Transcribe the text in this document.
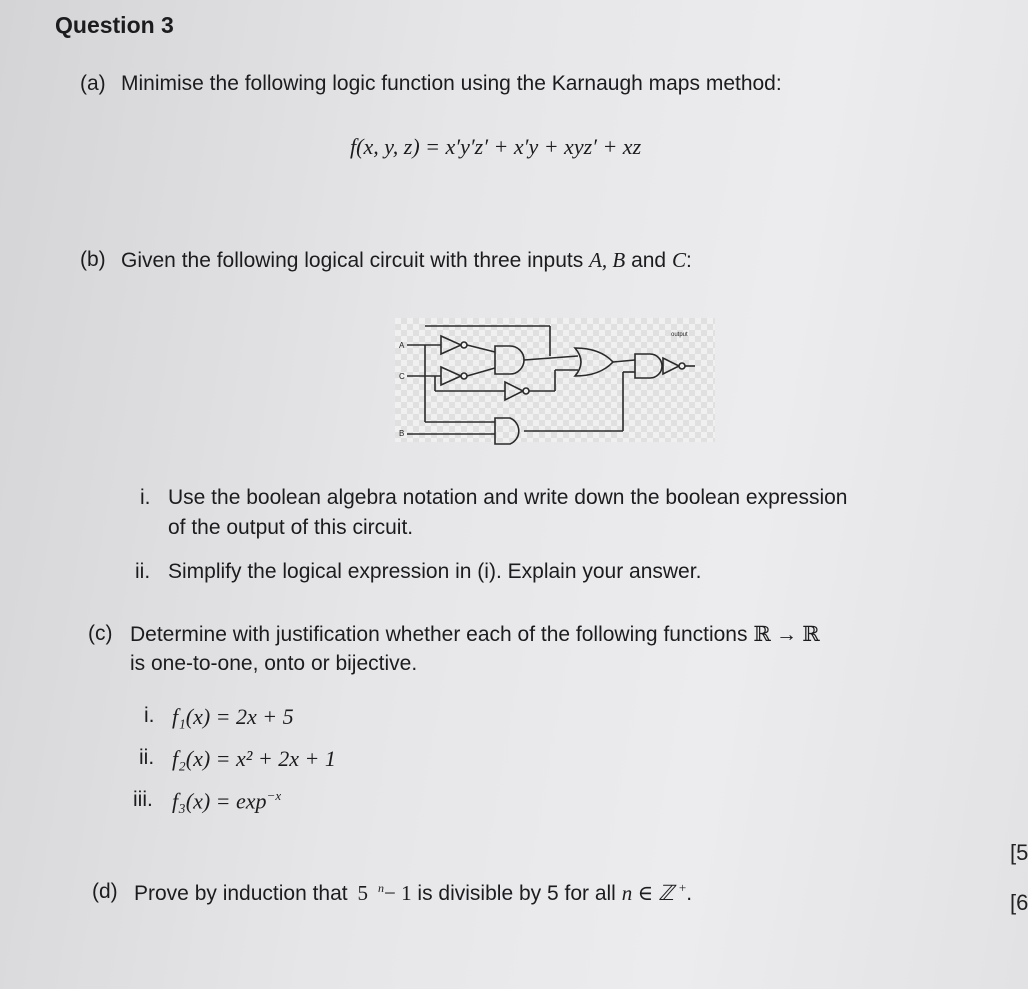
Question 3
(a) Minimise the following logic function using the Karnaugh maps method:
f(x, y, z) = x′y′z′ + x′y + xyz′ + xz
(b) Given the following logical circuit with three inputs A, B and C:
A
C
B
output
i. Use the boolean algebra notation and write down the boolean expression
of the output of this circuit.
ii. Simplify the logical expression in (i). Explain your answer.
(c) Determine with justification whether each of the following functions ℝ → ℝ
is one-to-one, onto or bijective.
i. f₁(x) = 2x + 5
ii. f₂(x) = x² + 2x + 1
iii. $f_3(x) = \exp^{-x}$
(d) Prove by induction that 5 $^n$− 1 is divisible by 5 for all n ∈ ℤ +.
[5
[6
